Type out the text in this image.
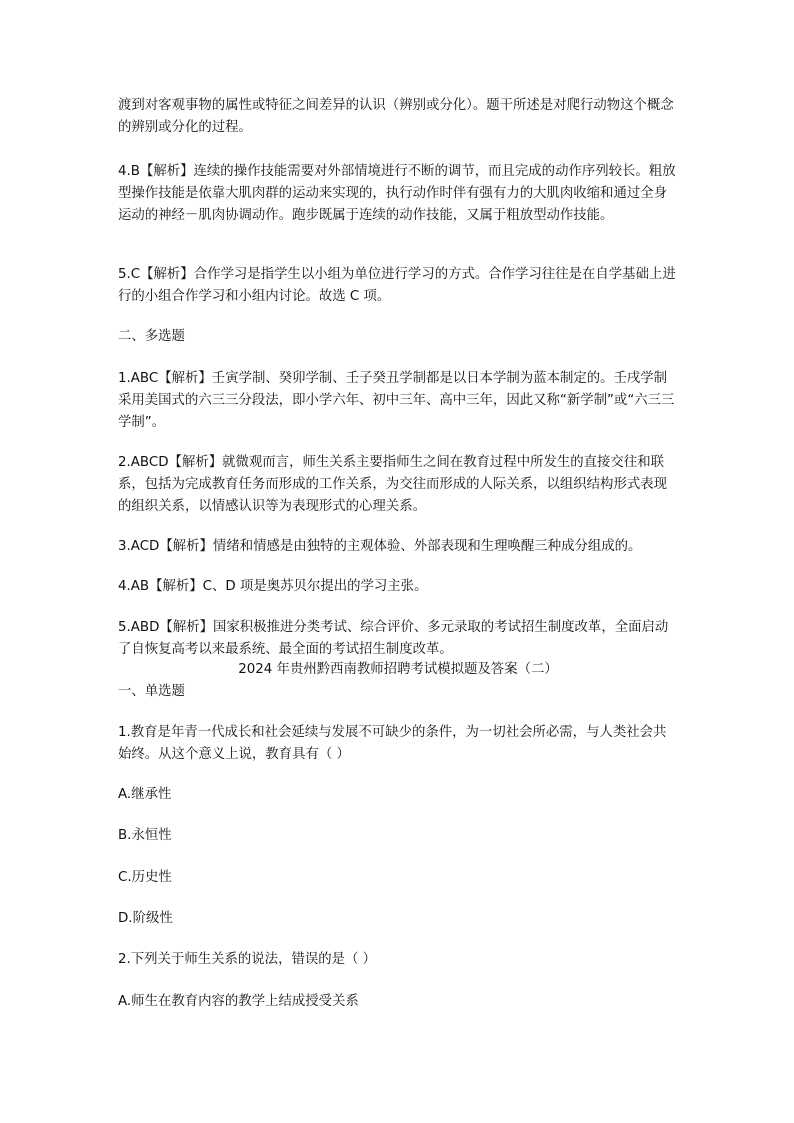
渡到对客观事物的属性或特征之间差异的认识（辨别或分化）。题干所述是对爬行动物这个概念的辨别或分化的过程。

4.B【解析】连续的操作技能需要对外部情境进行不断的调节，而且完成的动作序列较长。粗放型操作技能是依靠大肌肉群的运动来实现的，执行动作时伴有强有力的大肌肉收缩和通过全身运动的神经－肌肉协调动作。跑步既属于连续的动作技能，又属于粗放型动作技能。

5.C【解析】合作学习是指学生以小组为单位进行学习的方式。合作学习往往是在自学基础上进行的小组合作学习和小组内讨论。故选 C 项。

二、多选题

1.ABC【解析】壬寅学制、癸卯学制、壬子癸丑学制都是以日本学制为蓝本制定的。壬戌学制采用美国式的六三三分段法，即小学六年、初中三年、高中三年，因此又称“新学制”或“六三三学制”。

2.ABCD【解析】就微观而言，师生关系主要指师生之间在教育过程中所发生的直接交往和联系，包括为完成教育任务而形成的工作关系，为交往而形成的人际关系，以组织结构形式表现的组织关系，以情感认识等为表现形式的心理关系。

3.ACD【解析】情绪和情感是由独特的主观体验、外部表现和生理唤醒三种成分组成的。

4.AB【解析】C、D 项是奥苏贝尔提出的学习主张。

5.ABD【解析】国家积极推进分类考试、综合评价、多元录取的考试招生制度改革，全面启动了自恢复高考以来最系统、最全面的考试招生制度改革。

2024 年贵州黔西南教师招聘考试模拟题及答案（二）

一、单选题

1.教育是年青一代成长和社会延续与发展不可缺少的条件，为一切社会所必需，与人类社会共始终。从这个意义上说，教育具有（ ）

A.继承性

B.永恒性

C.历史性

D.阶级性

2.下列关于师生关系的说法，错误的是（ ）

A.师生在教育内容的教学上结成授受关系
